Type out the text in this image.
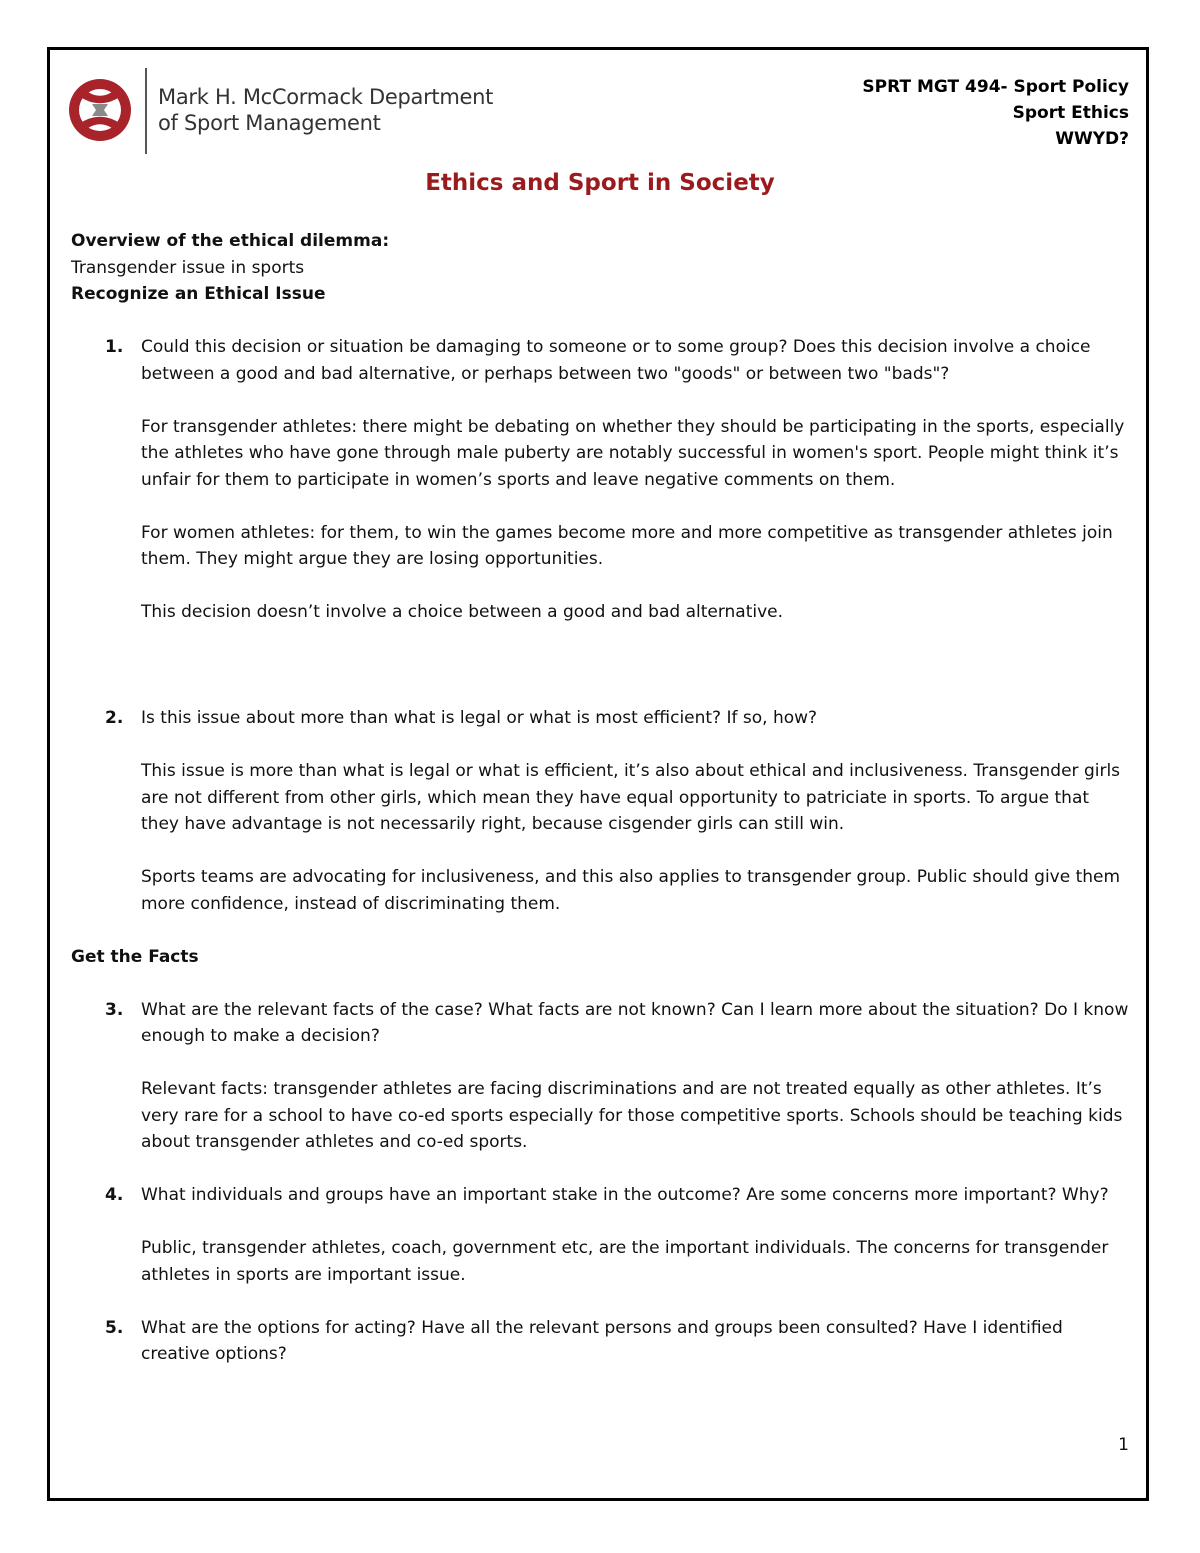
Mark H. McCormack Department
of Sport Management
SPRT MGT 494- Sport Policy
Sport Ethics
WWYD?
Ethics and Sport in Society

Overview of the ethical dilemma:

Transgender issue in sports

Recognize an Ethical Issue

1. Could this decision or situation be damaging to someone or to some group? Does this decision involve a choice between a good and bad alternative, or perhaps between two "goods" or between two "bads"?

For transgender athletes: there might be debating on whether they should be participating in the sports, especially the athletes who have gone through male puberty are notably successful in women's sport. People might think it’s unfair for them to participate in women’s sports and leave negative comments on them.

For women athletes: for them, to win the games become more and more competitive as transgender athletes join them. They might argue they are losing opportunities.

This decision doesn’t involve a choice between a good and bad alternative.

2. Is this issue about more than what is legal or what is most efficient? If so, how?

This issue is more than what is legal or what is efficient, it’s also about ethical and inclusiveness. Transgender girls are not different from other girls, which mean they have equal opportunity to patriciate in sports. To argue that they have advantage is not necessarily right, because cisgender girls can still win.

Sports teams are advocating for inclusiveness, and this also applies to transgender group. Public should give them more confidence, instead of discriminating them.

Get the Facts

3. What are the relevant facts of the case? What facts are not known? Can I learn more about the situation? Do I know enough to make a decision?

Relevant facts: transgender athletes are facing discriminations and are not treated equally as other athletes. It’s very rare for a school to have co-ed sports especially for those competitive sports. Schools should be teaching kids about transgender athletes and co-ed sports.

4. What individuals and groups have an important stake in the outcome? Are some concerns more important? Why?

Public, transgender athletes, coach, government etc, are the important individuals. The concerns for transgender athletes in sports are important issue.

5. What are the options for acting? Have all the relevant persons and groups been consulted? Have I identified creative options?

1
